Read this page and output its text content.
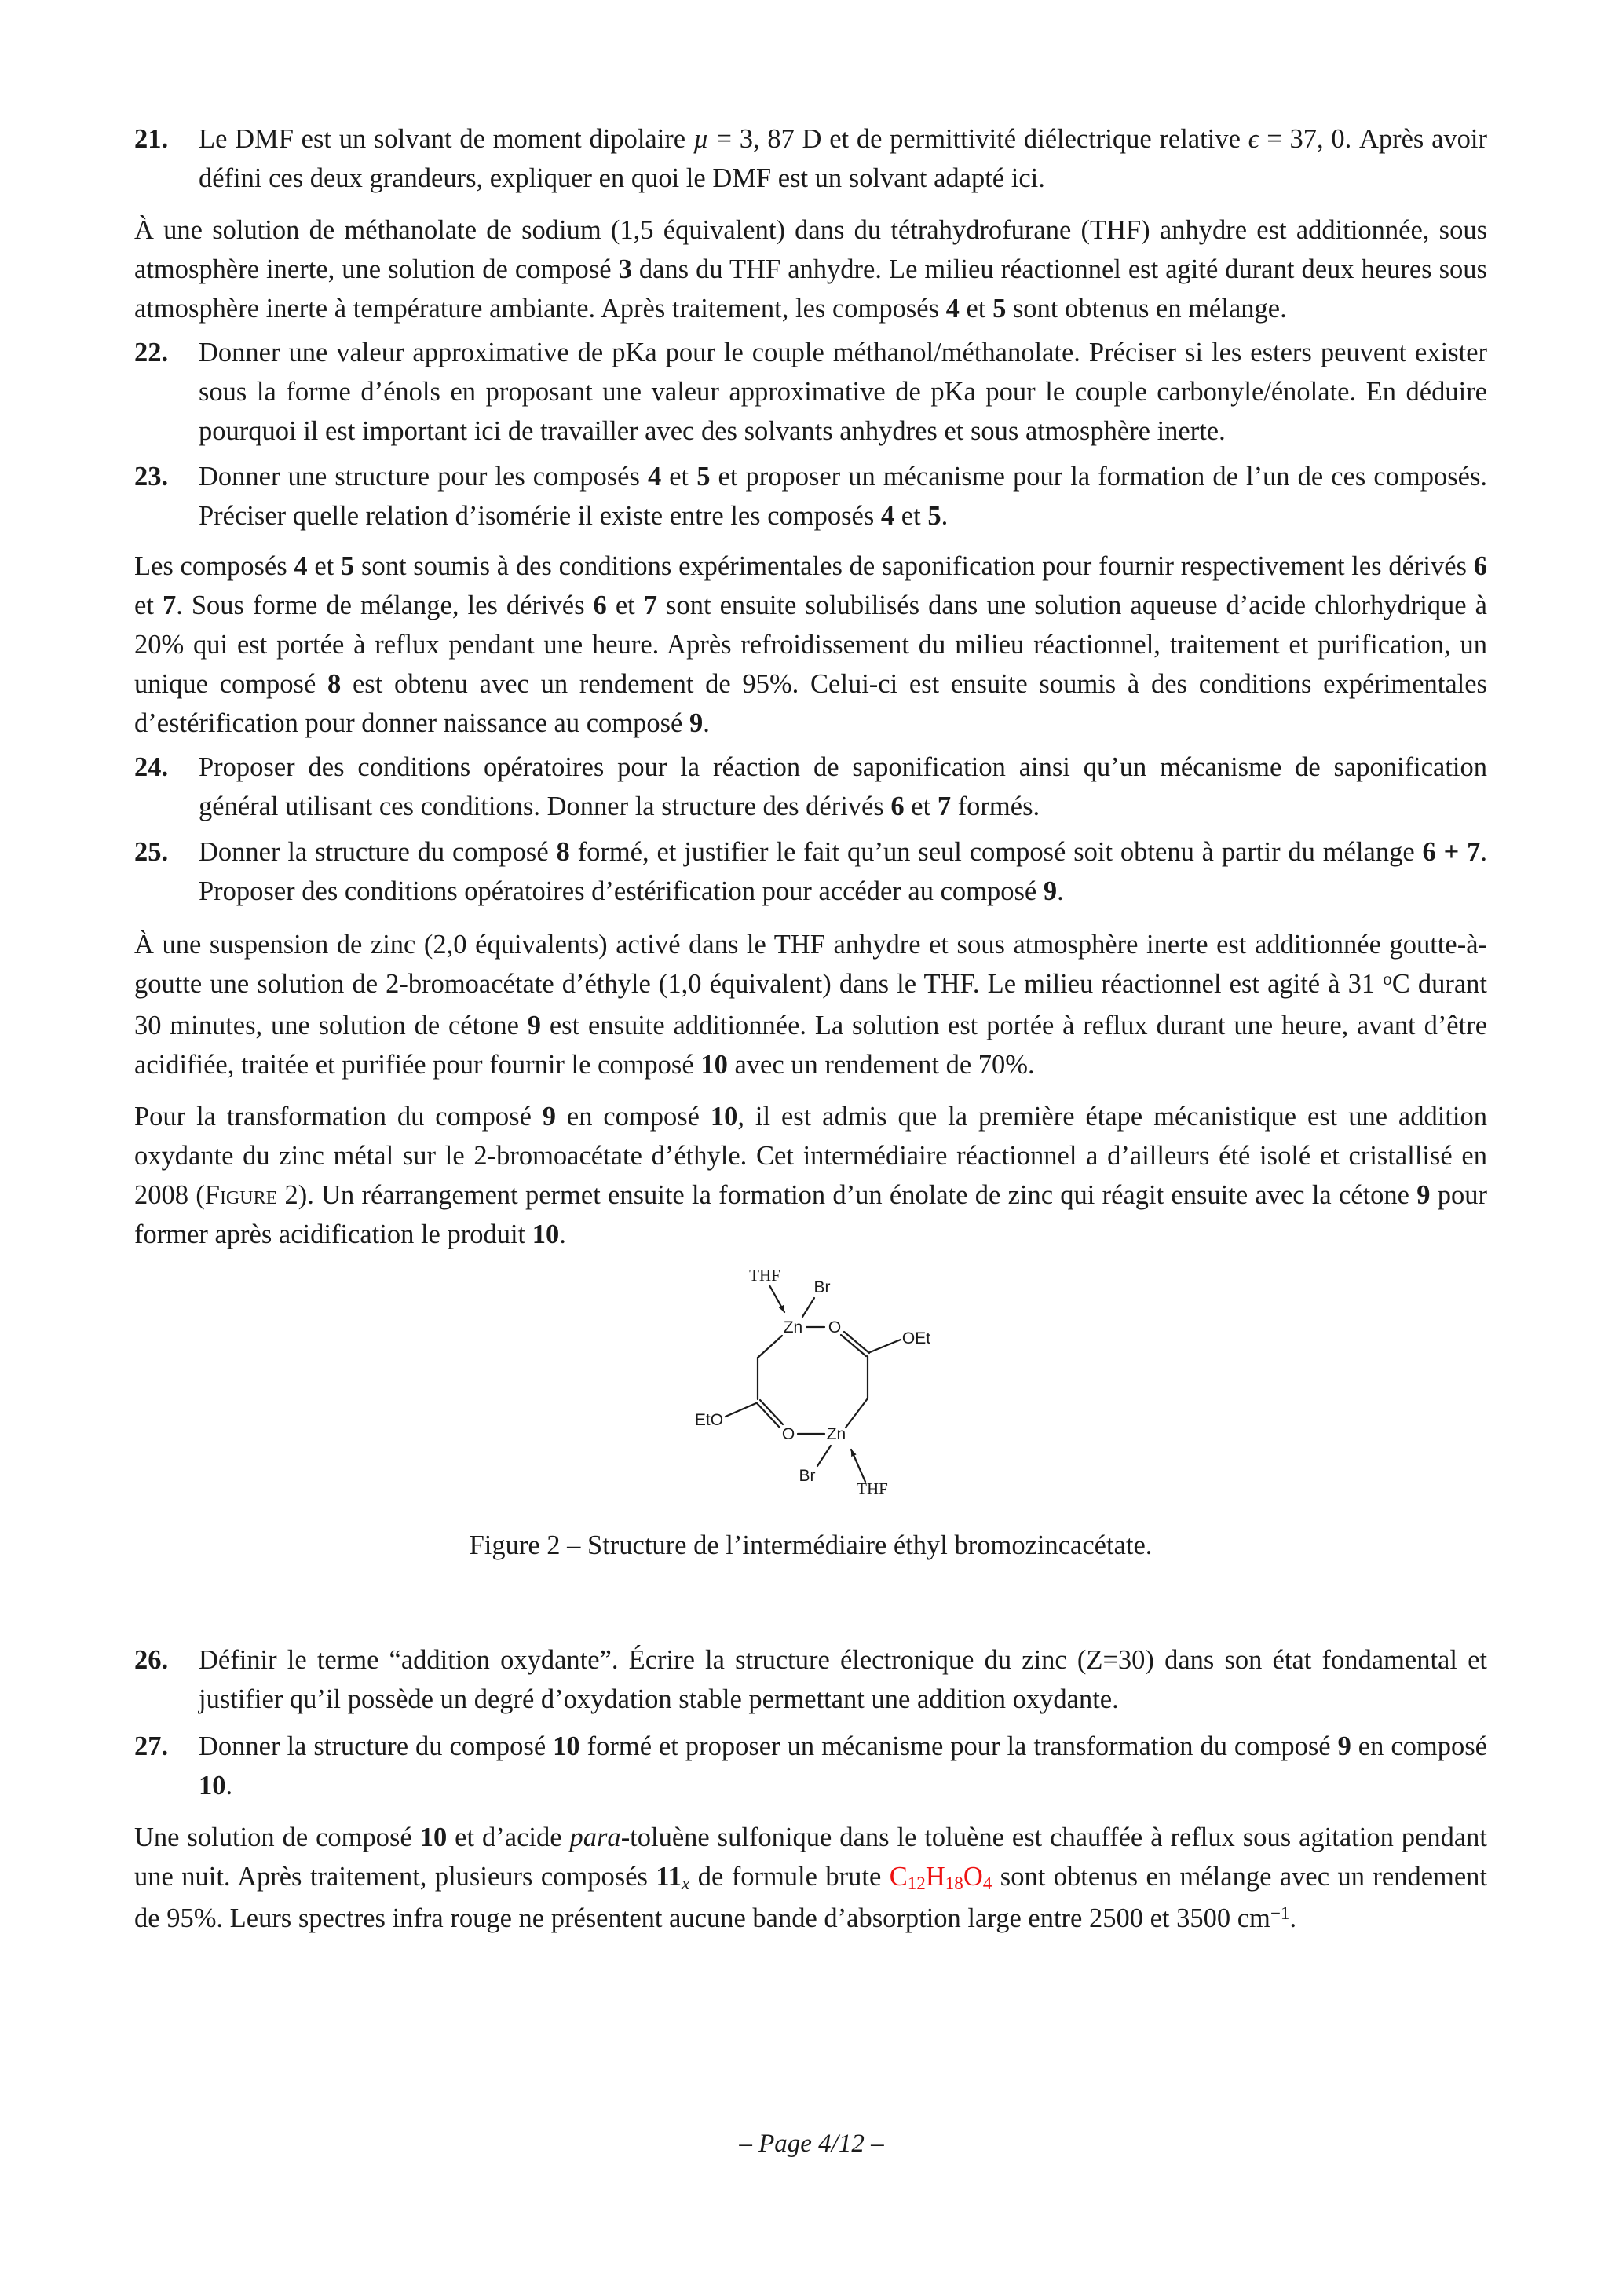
21. Le DMF est un solvant de moment dipolaire µ = 3, 87 D et de permittivité diélectrique relative ϵ = 37, 0. Après avoir défini ces deux grandeurs, expliquer en quoi le DMF est un solvant adapté ici.
À une solution de méthanolate de sodium (1,5 équivalent) dans du tétrahydrofurane (THF) anhydre est additionnée, sous atmosphère inerte, une solution de composé 3 dans du THF anhydre. Le milieu réactionnel est agité durant deux heures sous atmosphère inerte à température ambiante. Après traitement, les composés 4 et 5 sont obtenus en mélange.
22. Donner une valeur approximative de pKa pour le couple méthanol/méthanolate. Préciser si les esters peuvent exister sous la forme d’énols en proposant une valeur approximative de pKa pour le couple carbonyle/énolate. En déduire pourquoi il est important ici de travailler avec des solvants anhydres et sous atmosphère inerte.
23. Donner une structure pour les composés 4 et 5 et proposer un mécanisme pour la formation de l’un de ces composés. Préciser quelle relation d’isomérie il existe entre les composés 4 et 5.
Les composés 4 et 5 sont soumis à des conditions expérimentales de saponification pour fournir respectivement les dérivés 6 et 7. Sous forme de mélange, les dérivés 6 et 7 sont ensuite solubilisés dans une solution aqueuse d’acide chlorhydrique à 20% qui est portée à reflux pendant une heure. Après refroidissement du milieu réactionnel, traitement et purification, un unique composé 8 est obtenu avec un rendement de 95%. Celui-ci est ensuite soumis à des conditions expérimentales d’estérification pour donner naissance au composé 9.
24. Proposer des conditions opératoires pour la réaction de saponification ainsi qu’un mécanisme de saponification général utilisant ces conditions. Donner la structure des dérivés 6 et 7 formés.
25. Donner la structure du composé 8 formé, et justifier le fait qu’un seul composé soit obtenu à partir du mélange 6 + 7. Proposer des conditions opératoires d’estérification pour accéder au composé 9.
À une suspension de zinc (2,0 équivalents) activé dans le THF anhydre et sous atmosphère inerte est additionnée goutte-à-goutte une solution de 2-bromoacétate d’éthyle (1,0 équivalent) dans le THF. Le milieu réactionnel est agité à 31 $^o$C durant 30 minutes, une solution de cétone 9 est ensuite additionnée. La solution est portée à reflux durant une heure, avant d’être acidifiée, traitée et purifiée pour fournir le composé 10 avec un rendement de 70%.
Pour la transformation du composé 9 en composé 10, il est admis que la première étape mécanistique est une addition oxydante du zinc métal sur le 2-bromoacétate d’éthyle. Cet intermédiaire réactionnel a d’ailleurs été isolé et cristallisé en 2008 (Figure 2). Un réarrangement permet ensuite la formation d’un énolate de zinc qui réagit ensuite avec la cétone 9 pour former après acidification le produit 10.
THF
Br
Zn O
OEt
EtO
O Zn
Br
THF
Figure 2 – Structure de l’intermédiaire éthyl bromozincacétate.
26. Définir le terme “addition oxydante”. Écrire la structure électronique du zinc (Z=30) dans son état fondamental et justifier qu’il possède un degré d’oxydation stable permettant une addition oxydante.
27. Donner la structure du composé 10 formé et proposer un mécanisme pour la transformation du composé 9 en composé 10.
Une solution de composé 10 et d’acide para-toluène sulfonique dans le toluène est chauffée à reflux sous agitation pendant une nuit. Après traitement, plusieurs composés 11x de formule brute C12H18O4 sont obtenus en mélange avec un rendement de 95%. Leurs spectres infra rouge ne présentent aucune bande d’absorption large entre 2500 et 3500 $cm^{-1}$.
– Page 4/12 –
